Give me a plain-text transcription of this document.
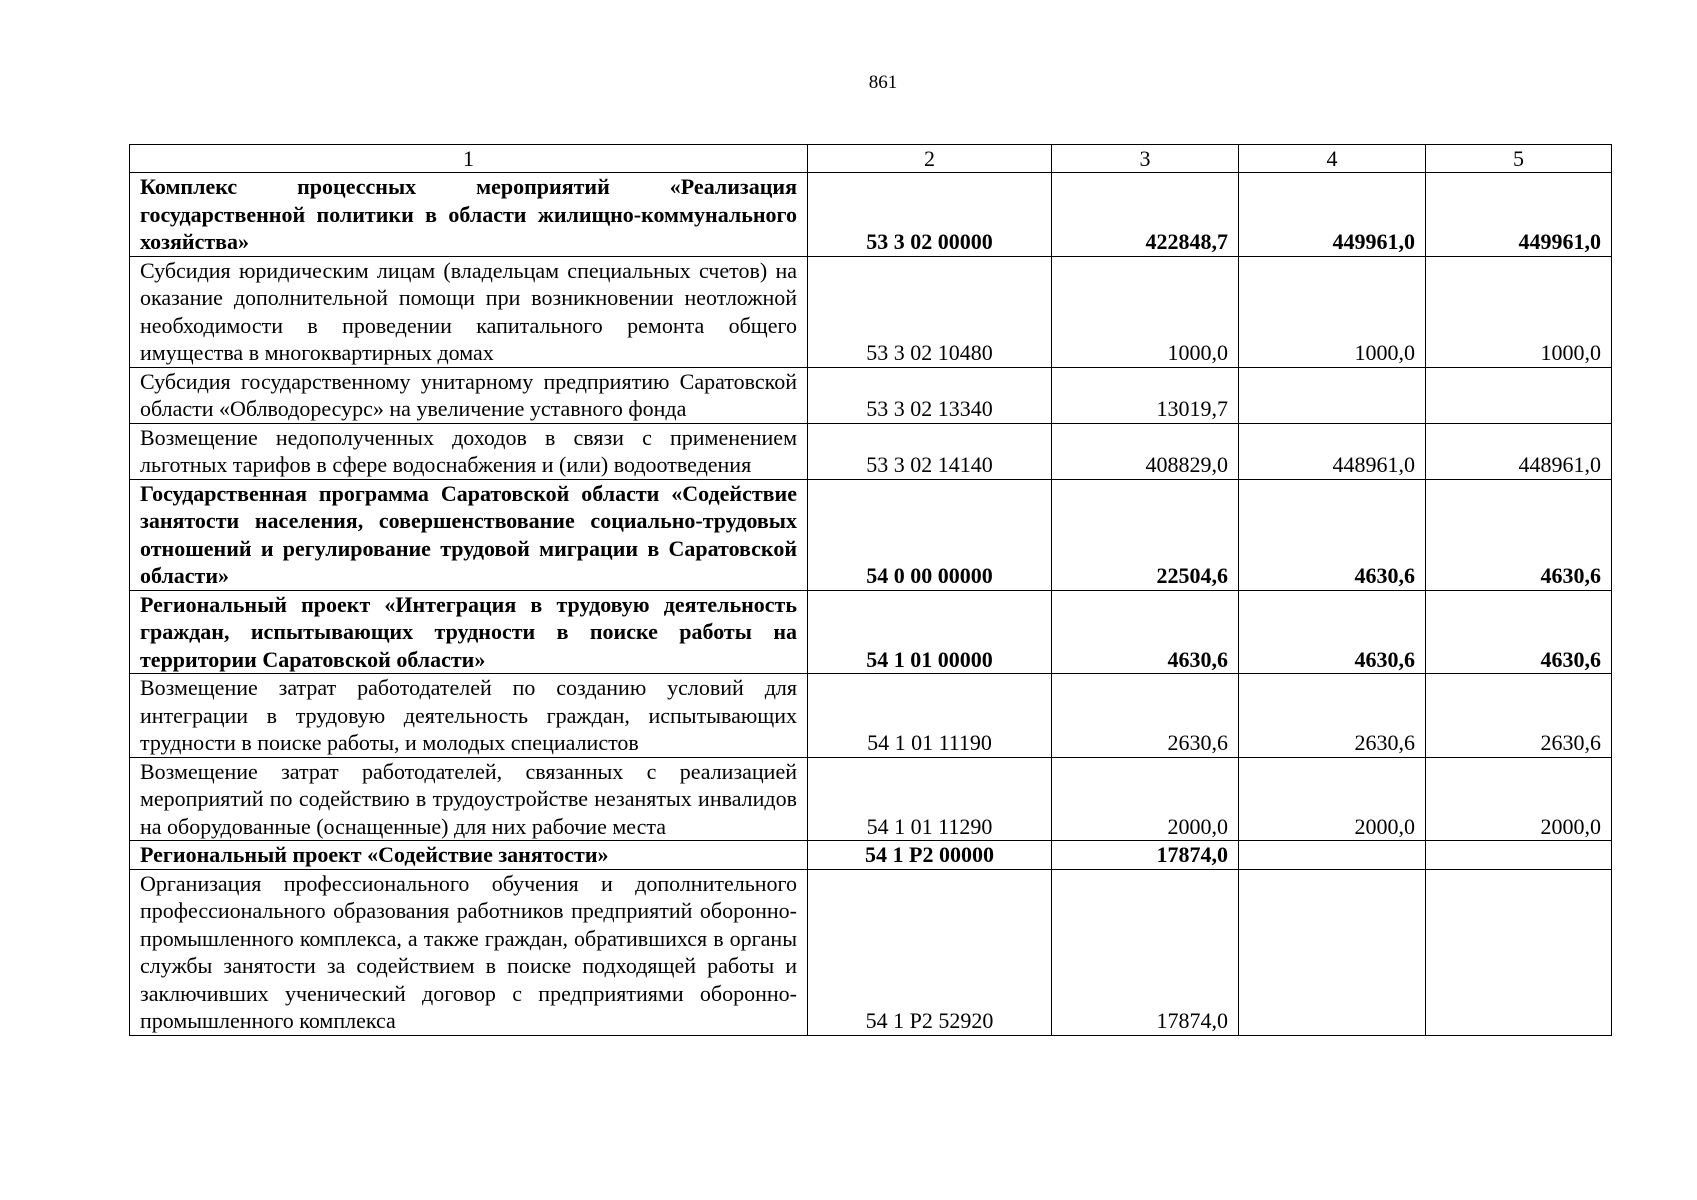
861
1	2	3	4	5
Комплекс процессных мероприятий «Реализация государственной политики в области жилищно-коммунального хозяйства»	53 3 02 00000	422848,7	449961,0	449961,0
Субсидия юридическим лицам (владельцам специальных счетов) на оказание дополнительной помощи при возникновении неотложной необходимости в проведении капитального ремонта общего имущества в многоквартирных домах	53 3 02 10480	1000,0	1000,0	1000,0
Субсидия государственному унитарному предприятию Саратовской области «Облводоресурс» на увеличение уставного фонда	53 3 02 13340	13019,7		
Возмещение недополученных доходов в связи с применением льготных тарифов в сфере водоснабжения и (или) водоотведения	53 3 02 14140	408829,0	448961,0	448961,0
Государственная программа Саратовской области «Содействие занятости населения, совершенствование социально-трудовых отношений и регулирование трудовой миграции в Саратовской области»	54 0 00 00000	22504,6	4630,6	4630,6
Региональный проект «Интеграция в трудовую деятельность граждан, испытывающих трудности в поиске работы на территории Саратовской области»	54 1 01 00000	4630,6	4630,6	4630,6
Возмещение затрат работодателей по созданию условий для интеграции в трудовую деятельность граждан, испытывающих трудности в поиске работы, и молодых специалистов	54 1 01 11190	2630,6	2630,6	2630,6
Возмещение затрат работодателей, связанных с реализацией мероприятий по содействию в трудоустройстве незанятых инвалидов на оборудованные (оснащенные) для них рабочие места	54 1 01 11290	2000,0	2000,0	2000,0
Региональный проект «Содействие занятости»	54 1 Р2 00000	17874,0		
Организация профессионального обучения и дополнительного профессионального образования работников предприятий оборонно-промышленного комплекса, а также граждан, обратившихся в органы службы занятости за содействием в поиске подходящей работы и заключивших ученический договор с предприятиями оборонно-промышленного комплекса	54 1 Р2 52920	17874,0		
